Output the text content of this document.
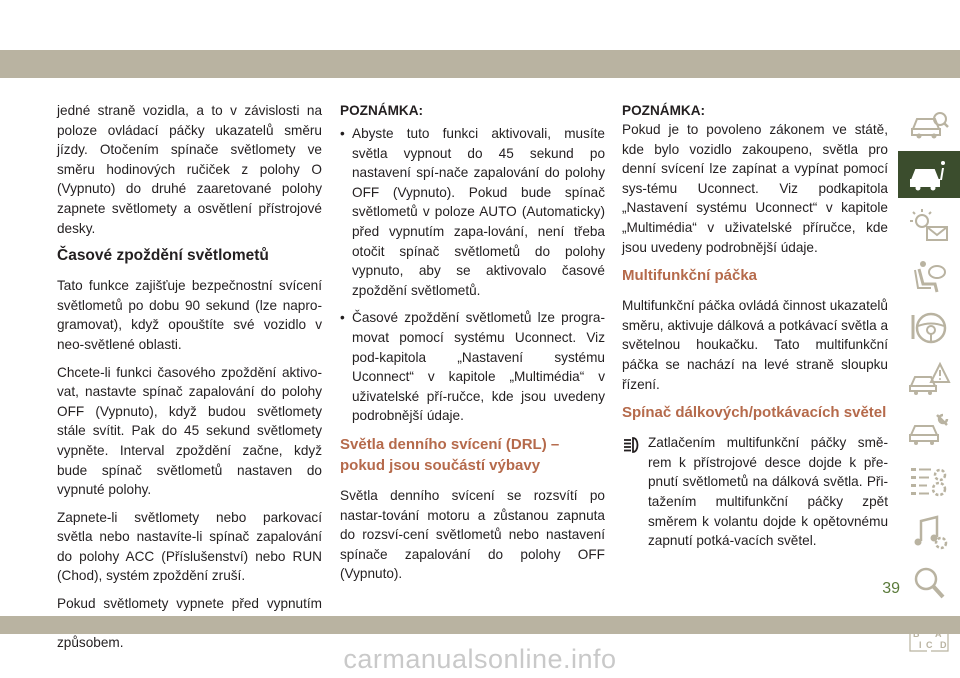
jedné straně vozidla, a to v závislosti na poloze ovládací páčky ukazatelů směru jízdy. Otočením spínače světlomety ve směru hodinových ručiček z polohy O (Vypnuto) do druhé zaaretované polohy zapnete světlomety a osvětlení přístrojové desky.

Časové zpoždění světlometů

Tato funkce zajišťuje bezpečnostní svícení světlometů po dobu 90 sekund (lze napro-gramovat), když opouštíte své vozidlo v neo-světlené oblasti.

Chcete-li funkci časového zpoždění aktivo-vat, nastavte spínač zapalování do polohy OFF (Vypnuto), když budou světlomety stále svítit. Pak do 45 sekund světlomety vypněte. Interval zpoždění začne, když bude spínač světlometů nastaven do vypnuté polohy.

Zapnete-li světlomety nebo parkovací světla nebo nastavíte-li spínač zapalování do polohy ACC (Příslušenství) nebo RUN (Chod), systém zpoždění zruší.

Pokud světlomety vypnete před vypnutím způsobem.

POZNÁMKA:
• Abyste tuto funkci aktivovali, musíte světla vypnout do 45 sekund po nastavení spí-nače zapalování do polohy OFF (Vypnuto). Pokud bude spínač světlometů v poloze AUTO (Automaticky) před vypnutím zapa-lování, není třeba otočit spínač světlometů do polohy vypnuto, aby se aktivovalo časové zpoždění světlometů.
• Časové zpoždění světlometů lze progra-movat pomocí systému Uconnect. Viz pod-kapitola „Nastavení systému Uconnect“ v kapitole „Multimédia“ v uživatelské pří-ručce, kde jsou uvedeny podrobnější údaje.
Světla denního svícení (DRL) – pokud jsou součástí výbavy

Světla denního svícení se rozsvítí po nastar-tování motoru a zůstanou zapnuta do rozsví-cení světlometů nebo nastavení spínače zapalování do polohy OFF (Vypnuto).

POZNÁMKA:

Pokud je to povoleno zákonem ve státě, kde bylo vozidlo zakoupeno, světla pro denní svícení lze zapínat a vypínat pomocí sys-tému Uconnect. Viz podkapitola „Nastavení systému Uconnect“ v kapitole „Multimédia“ v uživatelské příručce, kde jsou uvedeny podrobnější údaje.

Multifunkční páčka

Multifunkční páčka ovládá činnost ukazatelů směru, aktivuje dálková a potkávací světla a světelnou houkačku. Tato multifunkční páčka se nachází na levé straně sloupku řízení.

Spínač dálkových/potkávacích světel

Zatlačením multifunkční páčky smě-rem k přístrojové desce dojde k pře-pnutí světlometů na dálková světla. Při-tažením multifunkční páčky zpět směrem k volantu dojde k opětovnému zapnutí potká-vacích světel.

I C D
39
carmanualsonline.info
